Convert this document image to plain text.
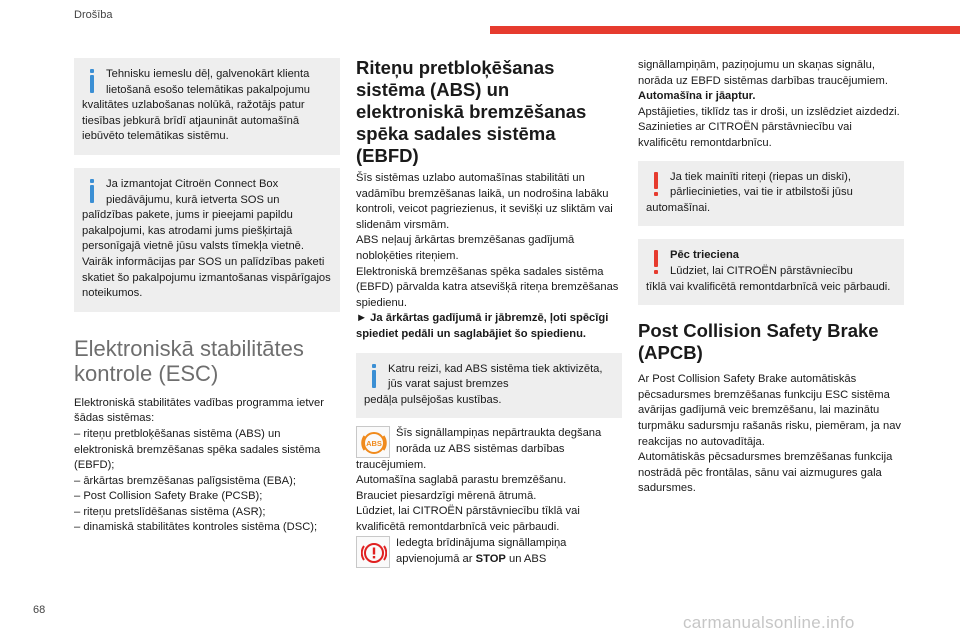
Drošība
Tehnisku iemeslu dēļ, galvenokārt klienta lietošanā esošo telemātikas pakalpojumu
kvalitātes uzlabošanas nolūkā, ražotājs patur tiesības jebkurā brīdī atjaunināt automašīnā iebūvēto telemātikas sistēmu.
Ja izmantojat Citroën Connect Box piedāvājumu, kurā ietverta SOS un
palīdzības pakete, jums ir pieejami papildu pakalpojumi, kas atrodami jums piešķirtajā personīgajā vietnē jūsu valsts tīmekļa vietnē. Vairāk informācijas par SOS un palīdzības paketi skatiet šo pakalpojumu izmantošanas vispārīgajos noteikumos.
Elektroniskā stabilitātes kontrole (ESC)
Elektroniskā stabilitātes vadības programma ietver šādas sistēmas:
– riteņu pretbloķēšanas sistēma (ABS) un elektroniskā bremzēšanas spēka sadales sistēma (EBFD);
– ārkārtas bremzēšanas palīgsistēma (EBA);
– Post Collision Safety Brake (PCSB);
– riteņu pretslīdēšanas sistēma (ASR);
– dinamiskā stabilitātes kontroles sistēma (DSC);
Riteņu pretbloķēšanas sistēma (ABS) un elektroniskā bremzēšanas spēka sadales sistēma (EBFD)
Šīs sistēmas uzlabo automašīnas stabilitāti un vadāmību bremzēšanas laikā, un nodrošina labāku kontroli, veicot pagriezienus, it sevišķi uz sliktām vai slidenām virsmām.
ABS neļauj ārkārtas bremzēšanas gadījumā nobloķēties riteņiem.
Elektroniskā bremzēšanas spēka sadales sistēma (EBFD) pārvalda katra atsevišķā riteņa bremzēšanas spiedienu.
► Ja ārkārtas gadījumā ir jābremzē, ļoti spēcīgi spiediet pedāli un saglabājiet šo spiedienu.
Katru reizi, kad ABS sistēma tiek aktivizēta, jūs varat sajust bremzes
pedāļa pulsējošas kustības.
ABS
Šīs signāllampiņas nepārtraukta degšana norāda uz ABS sistēmas darbības
traucējumiem.
Automašīna saglabā parastu bremzēšanu.
Brauciet piesardzīgi mērenā ātrumā.
Lūdziet, lai CITROËN pārstāvniecību tīklā vai kvalificētā remontdarbnīcā veic pārbaudi.
Iedegta brīdinājuma signāllampiņa apvienojumā ar STOP un ABS
signāllampiņām, paziņojumu un skaņas signālu, norāda uz EBFD sistēmas darbības traucējumiem.
Automašīna ir jāaptur.
Apstājieties, tiklīdz tas ir droši, un izslēdziet aizdedzi.
Sazinieties ar CITROËN pārstāvniecību vai kvalificētu remontdarbnīcu.
Ja tiek mainīti riteņi (riepas un diski), pārliecinieties, vai tie ir atbilstoši jūsu
automašīnai.
Pēc trieciena
Lūdziet, lai CITROËN pārstāvniecību
tīklā vai kvalificētā remontdarbnīcā veic pārbaudi.
Post Collision Safety Brake (APCB)
Ar Post Collision Safety Brake automātiskās pēcsadursmes bremzēšanas funkciju ESC sistēma avārijas gadījumā veic bremzēšanu, lai mazinātu turpmāku sadursmju rašanās risku, piemēram, ja nav reakcijas no autovadītāja.
Automātiskās pēcsadursmes bremzēšanas funkcija nostrādā pēc frontālas, sānu vai aizmugures gala sadursmes.
68
carmanualsonline.info
